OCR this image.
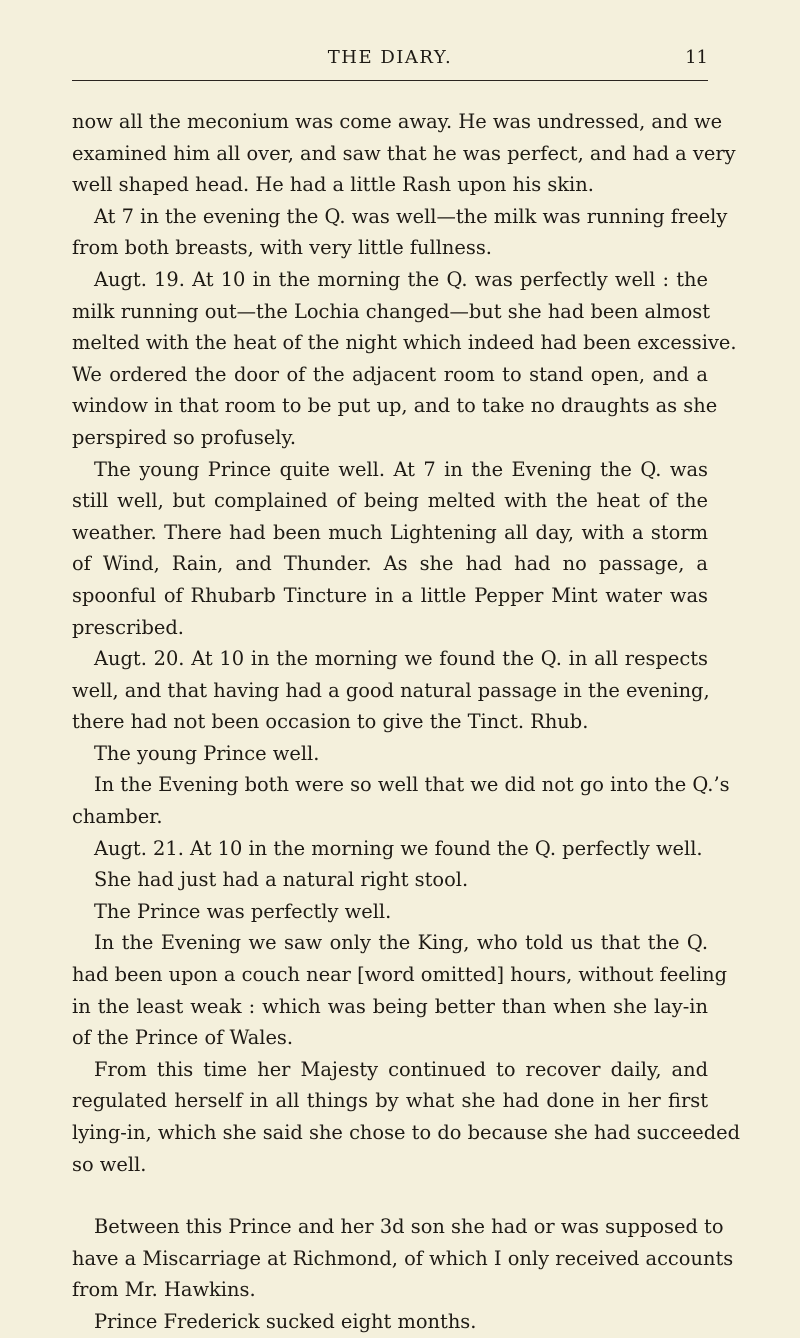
THE DIARY.	11
now all the meconium was come away. He was undressed, and we
examined him all over, and saw that he was perfect, and had a very
well shaped head. He had a little Rash upon his skin.
At 7 in the evening the Q. was well—the milk was running freely
from both breasts, with very little fullness.
Augt. 19. At 10 in the morning the Q. was perfectly well : the
milk running out—the Lochia changed—but she had been almost
melted with the heat of the night which indeed had been excessive.
We ordered the door of the adjacent room to stand open, and a
window in that room to be put up, and to take no draughts as she
perspired so profusely.
The young Prince quite well. At 7 in the Evening the Q. was
still well, but complained of being melted with the heat of the
weather. There had been much Lightening all day, with a storm
of Wind, Rain, and Thunder. As she had had no passage, a
spoonful of Rhubarb Tincture in a little Pepper Mint water was
prescribed.
Augt. 20. At 10 in the morning we found the Q. in all respects
well, and that having had a good natural passage in the evening,
there had not been occasion to give the Tinct. Rhub.
The young Prince well.
In the Evening both were so well that we did not go into the Q.’s
chamber.
Augt. 21. At 10 in the morning we found the Q. perfectly well.
She had just had a natural right stool.
The Prince was perfectly well.
In the Evening we saw only the King, who told us that the Q.
had been upon a couch near [word omitted] hours, without feeling
in the least weak : which was being better than when she lay-in
of the Prince of Wales.
From this time her Majesty continued to recover daily, and
regulated herself in all things by what she had done in her first
lying-in, which she said she chose to do because she had succeeded
so well.
Between this Prince and her 3d son she had or was supposed to
have a Miscarriage at Richmond, of which I only received accounts
from Mr. Hawkins.
Prince Frederick sucked eight months.
